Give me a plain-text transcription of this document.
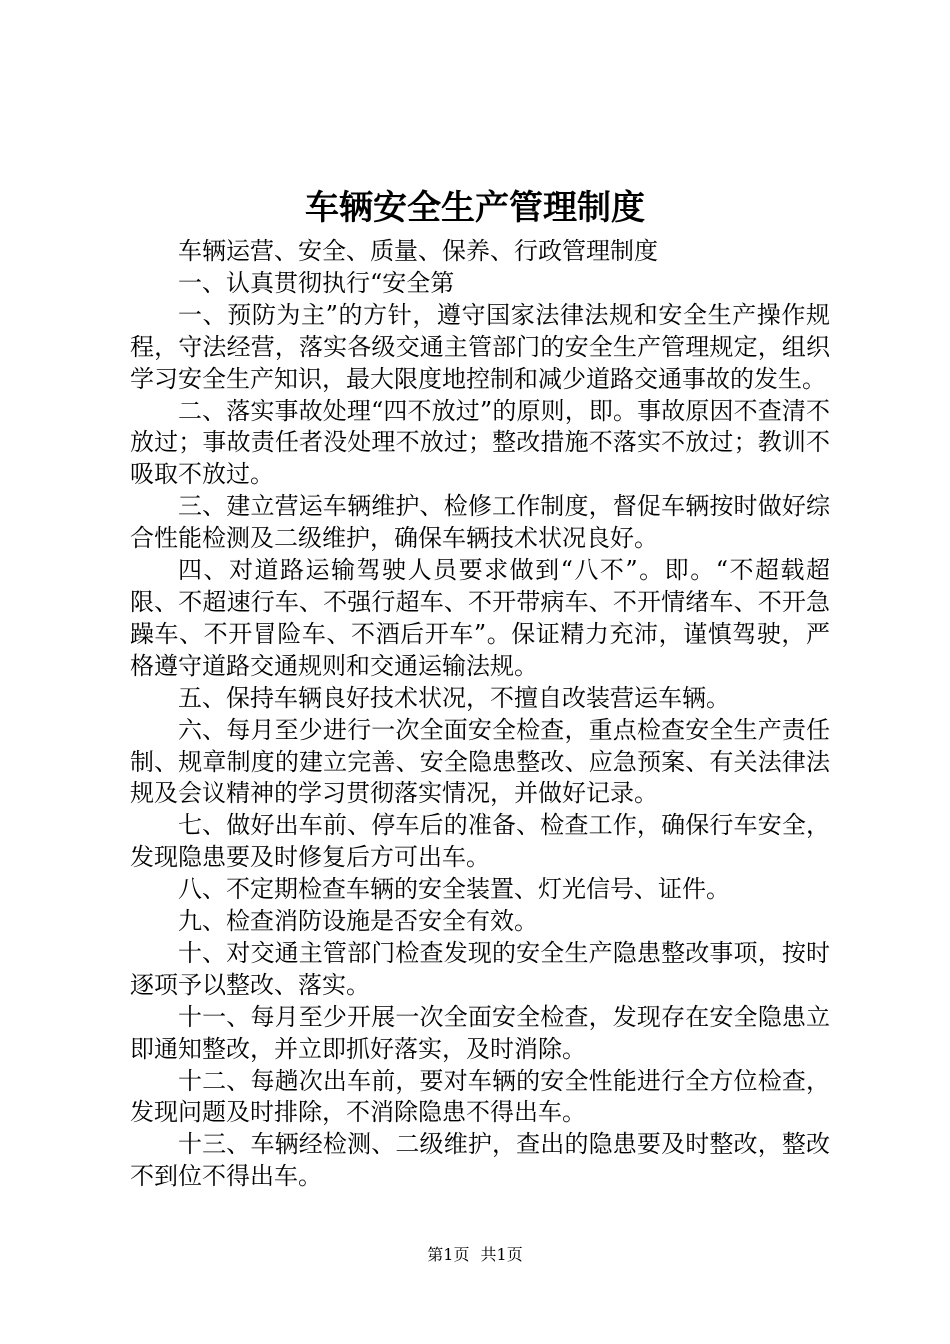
车辆安全生产管理制度

车辆运营、安全、质量、保养、行政管理制度

一、认真贯彻执行“安全第

一、预防为主”的方针，遵守国家法律法规和安全生产操作规程，守法经营，落实各级交通主管部门的安全生产管理规定，组织学习安全生产知识，最大限度地控制和减少道路交通事故的发生。

二、落实事故处理“四不放过”的原则，即。事故原因不查清不放过；事故责任者没处理不放过；整改措施不落实不放过；教训不吸取不放过。

三、建立营运车辆维护、检修工作制度，督促车辆按时做好综合性能检测及二级维护，确保车辆技术状况良好。

四、对道路运输驾驶人员要求做到“八不”。即。“不超载超限、不超速行车、不强行超车、不开带病车、不开情绪车、不开急躁车、不开冒险车、不酒后开车”。保证精力充沛，谨慎驾驶，严格遵守道路交通规则和交通运输法规。

五、保持车辆良好技术状况，不擅自改装营运车辆。

六、每月至少进行一次全面安全检查，重点检查安全生产责任制、规章制度的建立完善、安全隐患整改、应急预案、有关法律法规及会议精神的学习贯彻落实情况，并做好记录。

七、做好出车前、停车后的准备、检查工作，确保行车安全，发现隐患要及时修复后方可出车。

八、不定期检查车辆的安全装置、灯光信号、证件。

九、检查消防设施是否安全有效。

十、对交通主管部门检查发现的安全生产隐患整改事项，按时逐项予以整改、落实。

十一、每月至少开展一次全面安全检查，发现存在安全隐患立即通知整改，并立即抓好落实，及时消除。

十二、每趟次出车前，要对车辆的安全性能进行全方位检查，发现问题及时排除，不消除隐患不得出车。

十三、车辆经检测、二级维护，查出的隐患要及时整改，整改不到位不得出车。

第1页 共1页
